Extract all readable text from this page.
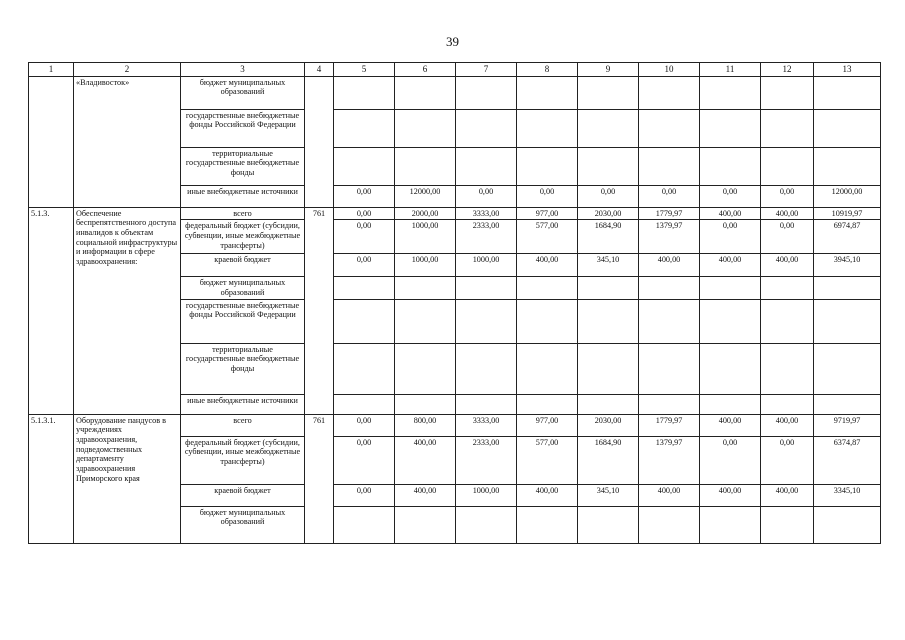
39
1	2	3	4	5	6	7	8	9	10	11	12	13
	«Владивосток»	бюджет муниципальных образований										
		государственные внебюджетные фонды Российской Федерации										
		территориальные государственные внебюджетные фонды										
		иные внебюджетные источники		0,00	12000,00	0,00	0,00	0,00	0,00	0,00	0,00	12000,00
5.1.3.	Обеспечение беспрепятственного доступа инвалидов к объектам социальной инфраструктуры и информации в сфере здравоохранения:	всего	761	0,00	2000,00	3333,00	977,00	2030,00	1779,97	400,00	400,00	10919,97
		федеральный бюджет (субсидии, субвенции, иные межбюджетные трансферты)		0,00	1000,00	2333,00	577,00	1684,90	1379,97	0,00	0,00	6974,87
		краевой бюджет		0,00	1000,00	1000,00	400,00	345,10	400,00	400,00	400,00	3945,10
		бюджет муниципальных образований										
		государственные внебюджетные фонды Российской Федерации										
		территориальные государственные внебюджетные фонды										
		иные внебюджетные источники										
5.1.3.1.	Оборудование пандусов в учреждениях здравоохранения, подведомственных департаменту здравоохранения Приморского края	всего	761	0,00	800,00	3333,00	977,00	2030,00	1779,97	400,00	400,00	9719,97
		федеральный бюджет (субсидии, субвенции, иные межбюджетные трансферты)		0,00	400,00	2333,00	577,00	1684,90	1379,97	0,00	0,00	6374,87
		краевой бюджет		0,00	400,00	1000,00	400,00	345,10	400,00	400,00	400,00	3345,10
		бюджет муниципальных образований										
